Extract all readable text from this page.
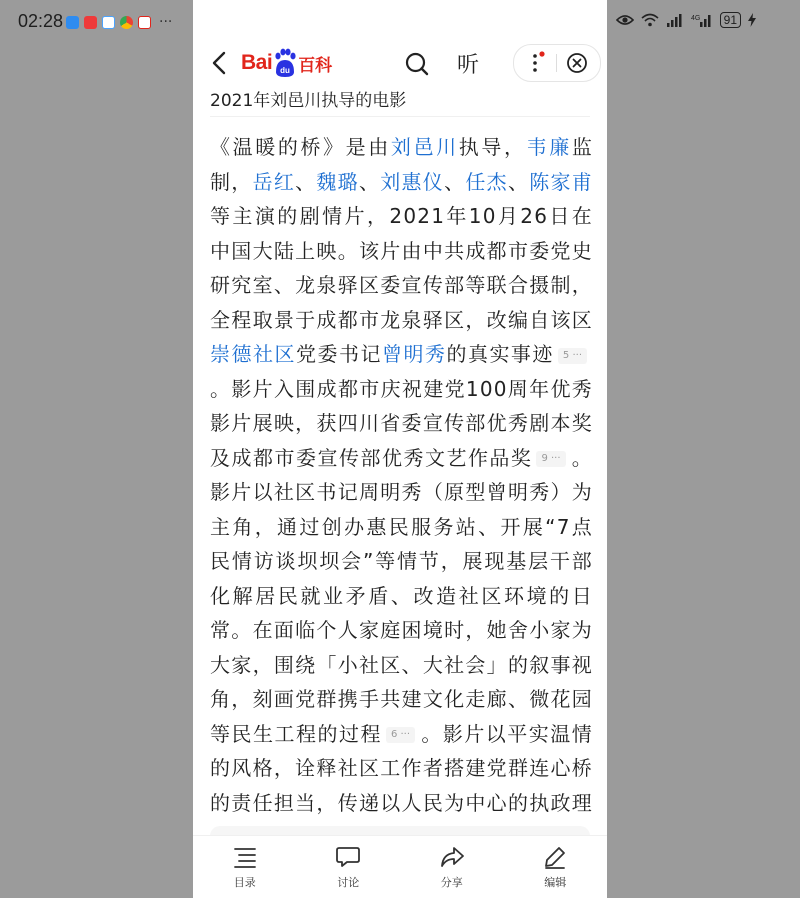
02:28	···	4G	91
Bai du 百科	听
2021年刘邑川执导的电影
《温暖的桥》是由刘邑川执导，韦廉监制，岳红、魏璐、刘惠仪、任杰、陈家甫等主演的剧情片，2021年10月26日在中国大陆上映。该片由中共成都市委党史研究室、龙泉驿区委宣传部等联合摄制，全程取景于成都市龙泉驿区，改编自该区崇德社区党委书记曾明秀的真实事迹 5 ···。影片入围成都市庆祝建党100周年优秀影片展映，获四川省委宣传部优秀剧本奖及成都市委宣传部优秀文艺作品奖 9 ··· 。影片以社区书记周明秀（原型曾明秀）为主角，通过创办惠民服务站、开展“7点民情访谈坝坝会”等情节，展现基层干部化解居民就业矛盾、改造社区环境的日常。在面临个人家庭困境时，她舍小家为大家，围绕「小社区、大社会」的叙事视角，刻画党群携手共建文化走廊、微花园等民生工程的过程 6 ··· 。影片以平实温情的风格，诠释社区工作者搭建党群连心桥的责任担当，传递以人民为中心的执政理
目录	讨论	分享	编辑
